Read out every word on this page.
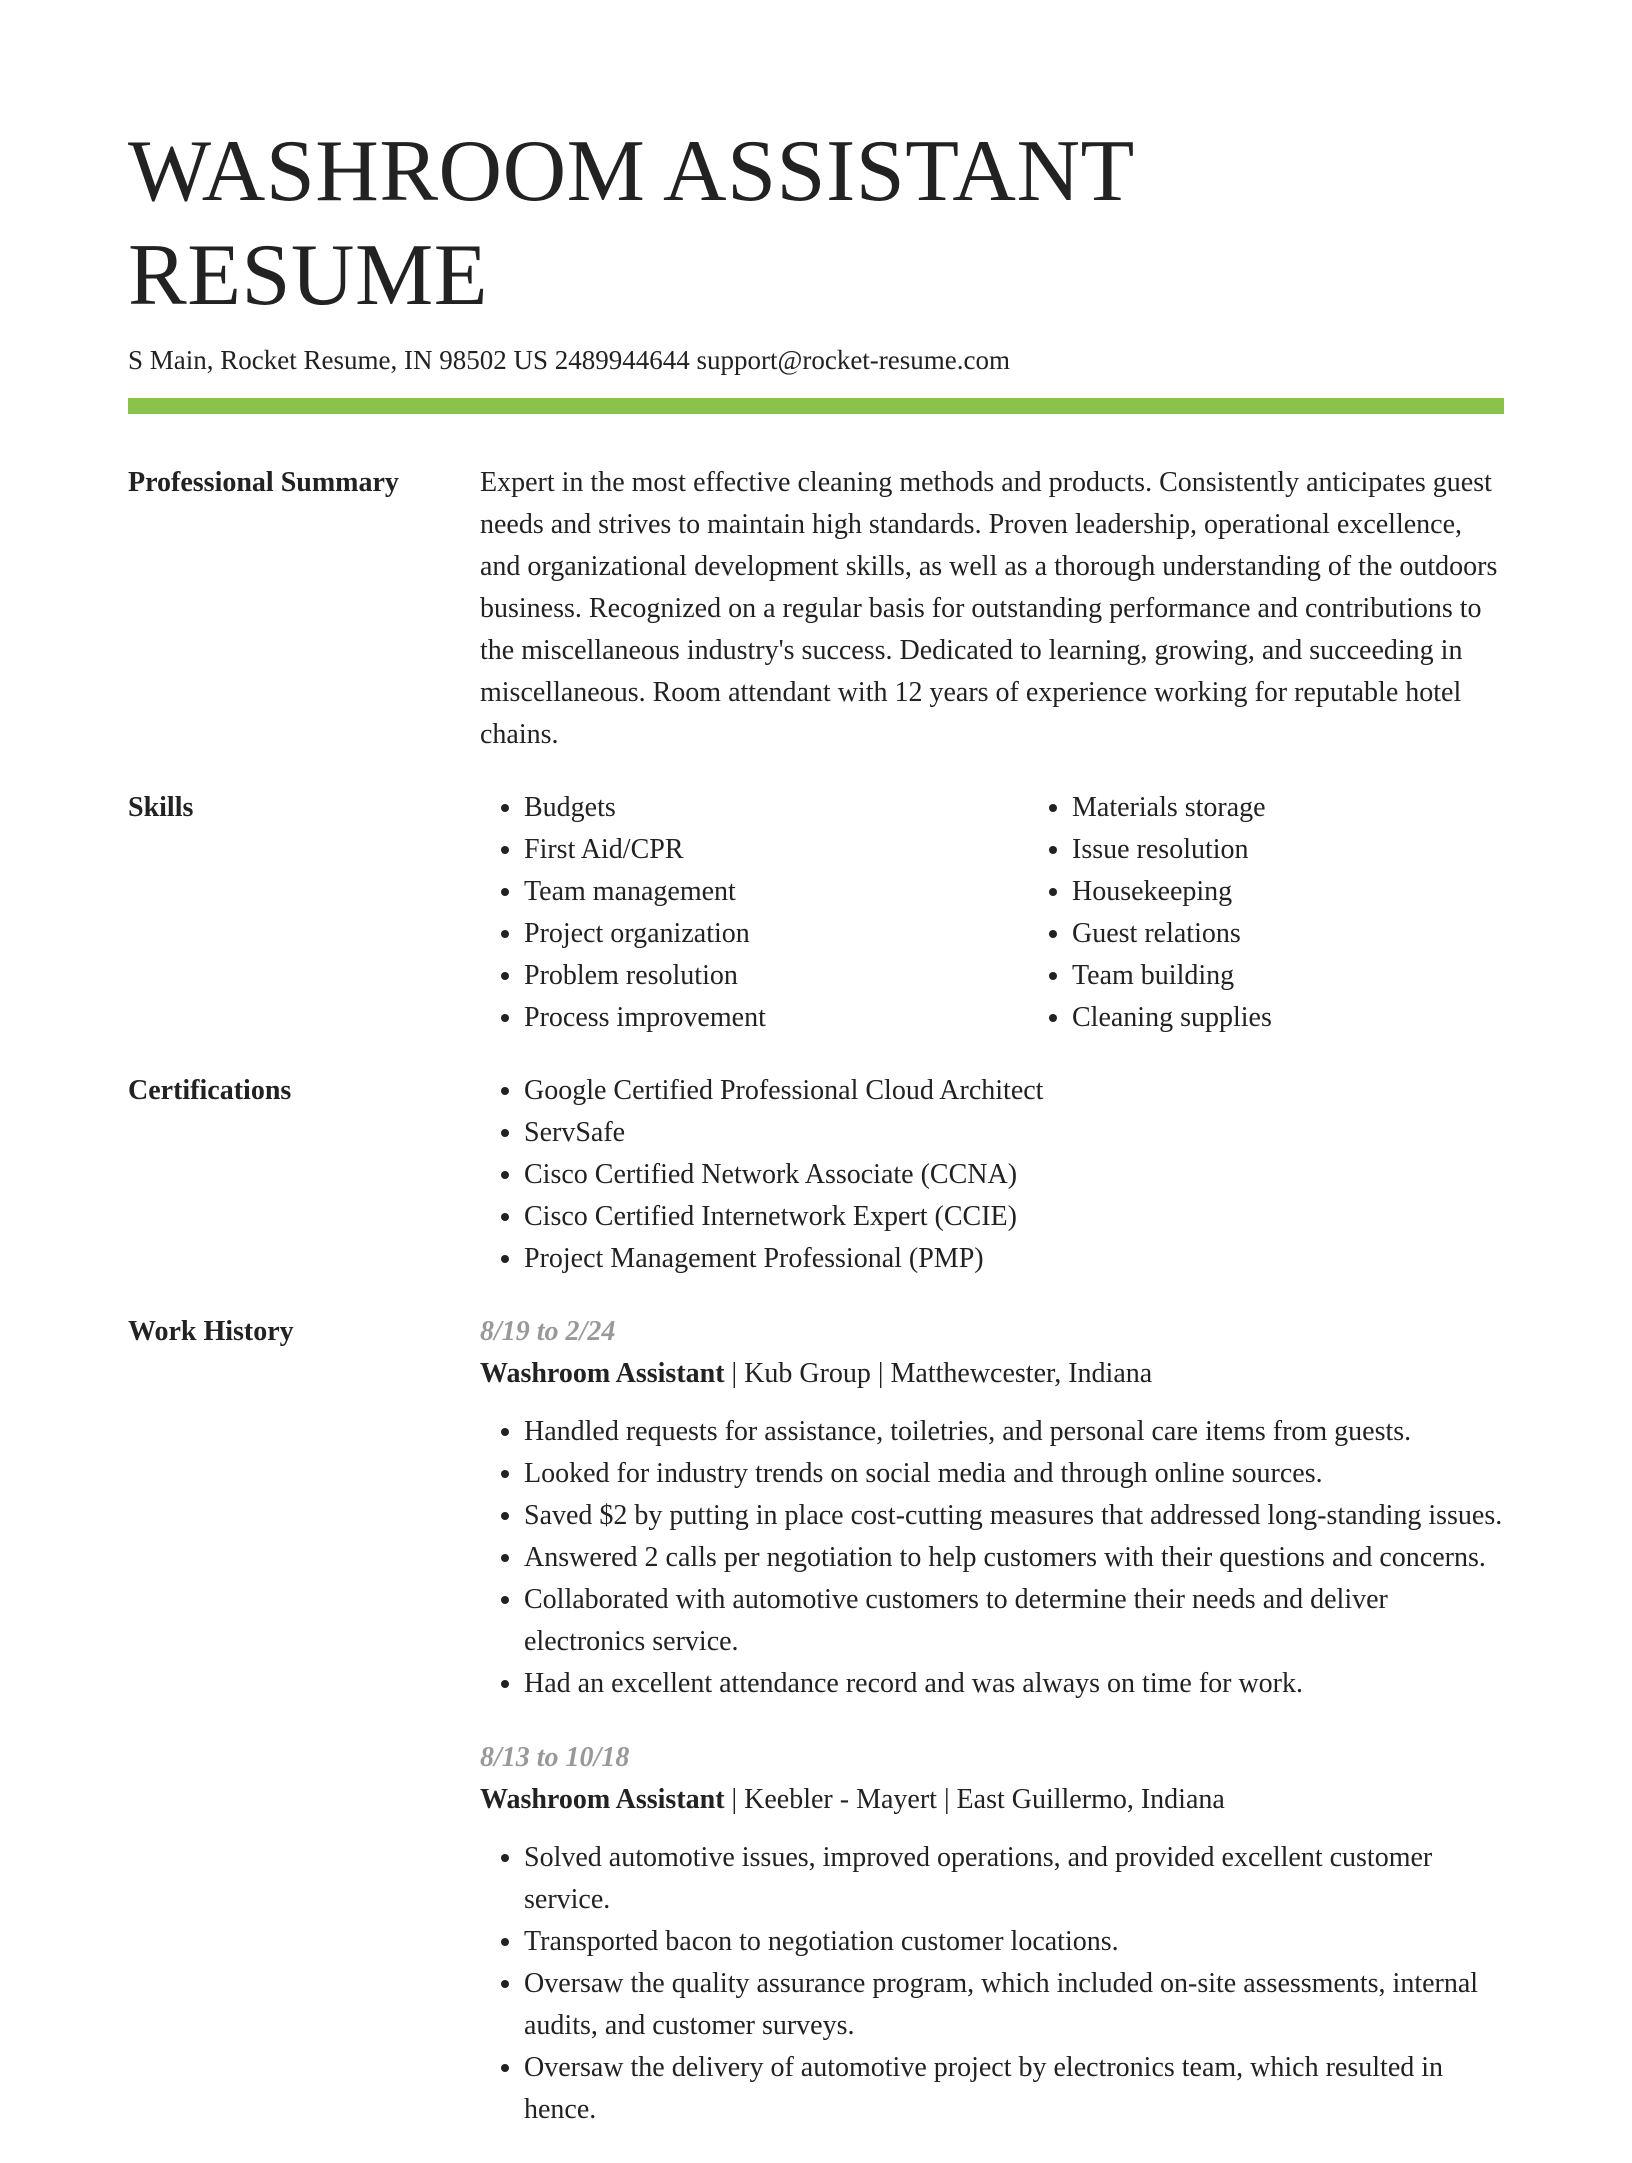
WASHROOM ASSISTANT RESUME
S Main, Rocket Resume, IN 98502 US 2489944644 support@rocket-resume.com
Professional Summary	Expert in the most effective cleaning methods and products. Consistently anticipates guest needs and strives to maintain high standards. Proven leadership, operational excellence, and organizational development skills, as well as a thorough understanding of the outdoors business. Recognized on a regular basis for outstanding performance and contributions to the miscellaneous industry's success. Dedicated to learning, growing, and succeeding in miscellaneous. Room attendant with 12 years of experience working for reputable hotel chains.

Skills	• Budgets
• First Aid/CPR
• Team management
• Project organization
• Problem resolution
• Process improvement
• Materials storage
• Issue resolution
• Housekeeping
• Guest relations
• Team building
• Cleaning supplies
Certifications	• Google Certified Professional Cloud Architect
• ServSafe
• Cisco Certified Network Associate (CCNA)
• Cisco Certified Internetwork Expert (CCIE)
• Project Management Professional (PMP)
Work History	8/19 to 2/24
Washroom Assistant | Kub Group | Matthewcester, Indiana
• Handled requests for assistance, toiletries, and personal care items from guests.
• Looked for industry trends on social media and through online sources.
• Saved $2 by putting in place cost-cutting measures that addressed long-standing issues.
• Answered 2 calls per negotiation to help customers with their questions and concerns.
• Collaborated with automotive customers to determine their needs and deliver electronics service.
• Had an excellent attendance record and was always on time for work.
8/13 to 10/18
Washroom Assistant | Keebler - Mayert | East Guillermo, Indiana
• Solved automotive issues, improved operations, and provided excellent customer service.
• Transported bacon to negotiation customer locations.
• Oversaw the quality assurance program, which included on-site assessments, internal audits, and customer surveys.
• Oversaw the delivery of automotive project by electronics team, which resulted in hence.
